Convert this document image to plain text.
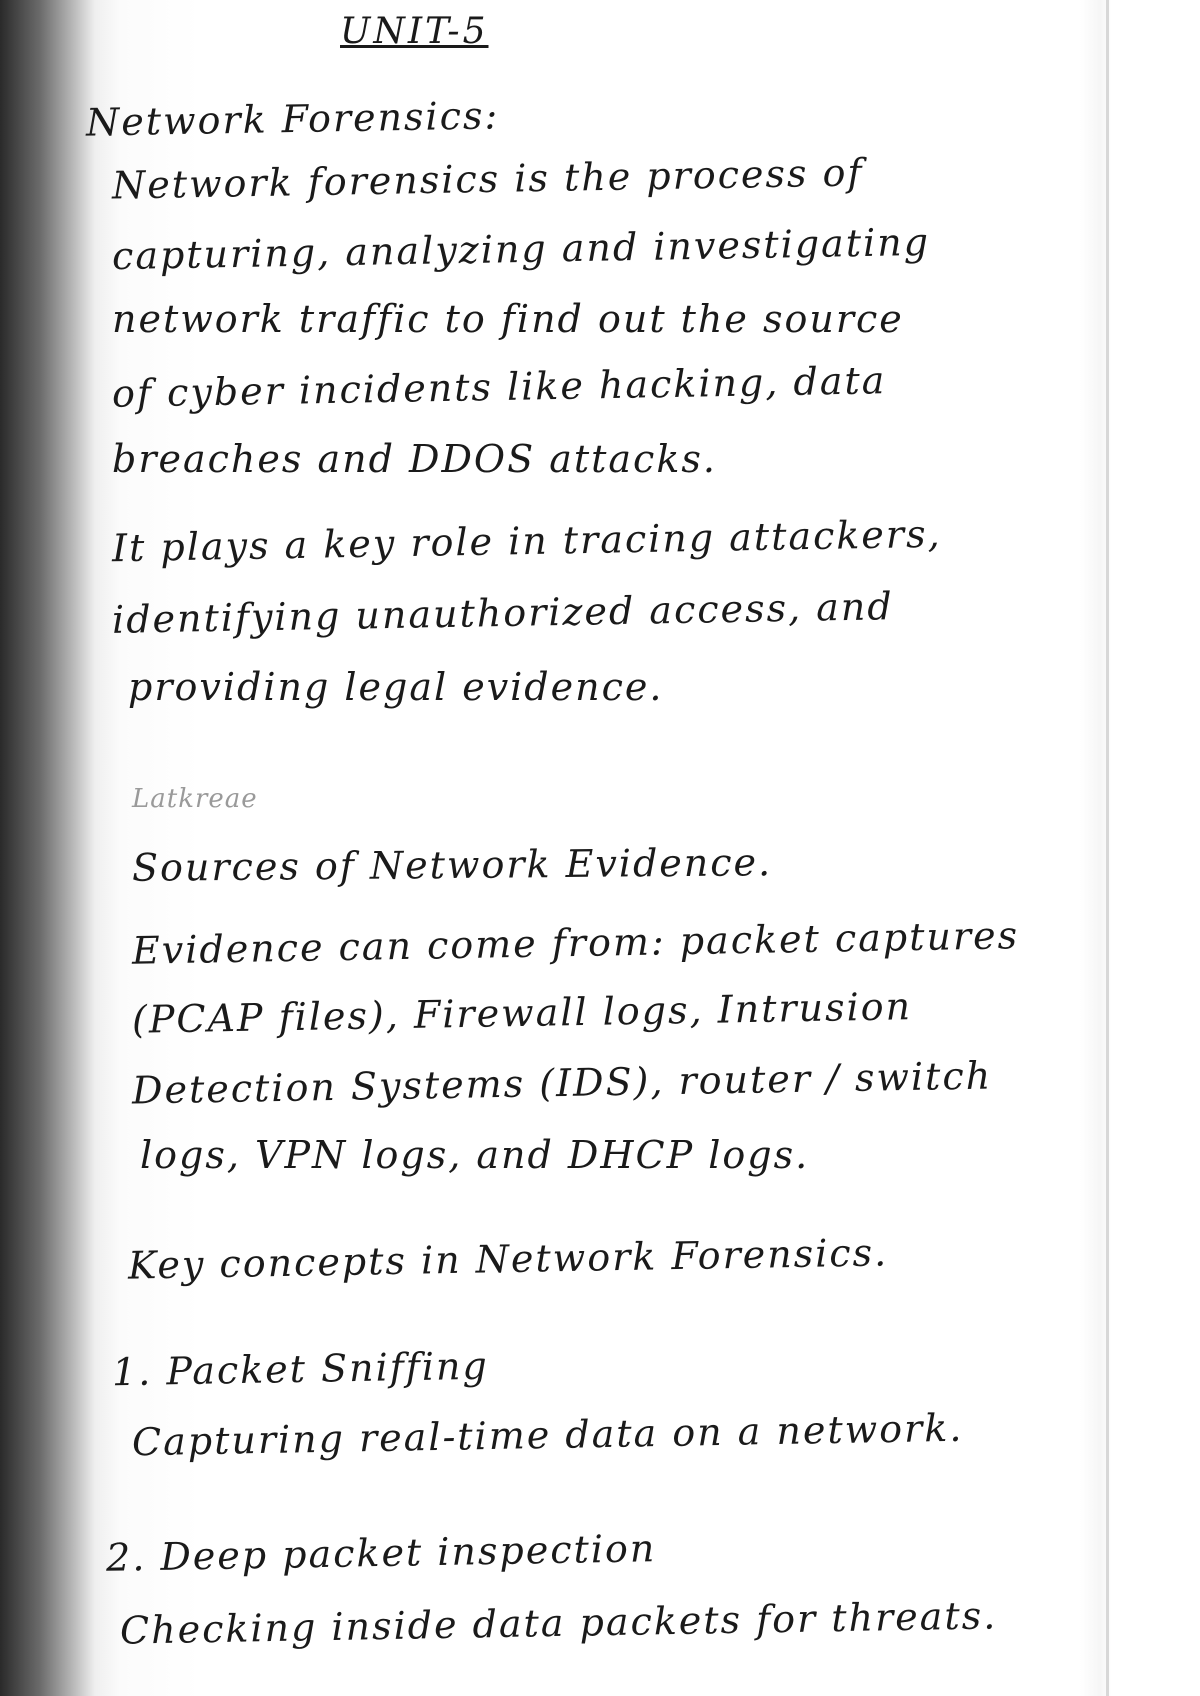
UNIT-5
Network Forensics:
Network forensics is the process of
capturing, analyzing and investigating
network traffic to find out the source
of cyber incidents like hacking, data
breaches and DDOS attacks.
It plays a key role in tracing attackers,
identifying unauthorized access, and
providing legal evidence.
Latkreae
Sources of Network Evidence.
Evidence can come from: packet captures
(PCAP files), Firewall logs, Intrusion
Detection Systems (IDS), router / switch
logs, VPN logs, and DHCP logs.
Key concepts in Network Forensics.
1. Packet Sniffing
Capturing real-time data on a network.
2. Deep packet inspection
Checking inside data packets for threats.
